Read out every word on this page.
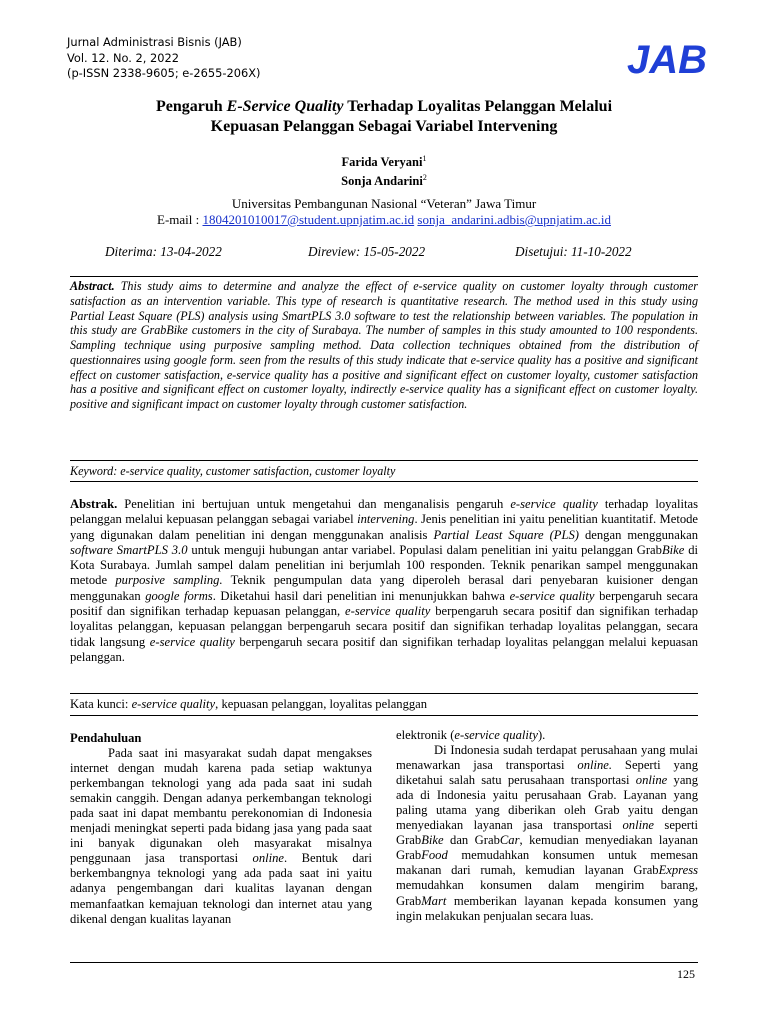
Jurnal Administrasi Bisnis (JAB)
Vol. 12. No. 2, 2022
(p-ISSN 2338-9605; e-2655-206X)	JAB
Pengaruh E-Service Quality Terhadap Loyalitas Pelanggan Melalui
Kepuasan Pelanggan Sebagai Variabel Intervening
Farida Veryani$^1$
Sonja Andarini$^2$
Universitas Pembangunan Nasional “Veteran” Jawa Timur
E-mail : 1804201010017@student.upnjatim.ac.id sonja_andarini.adbis@upnjatim.ac.id
Diterima: 13-04-2022	Direview: 15-05-2022	Disetujui: 11-10-2022
Abstract. This study aims to determine and analyze the effect of e-service quality on customer loyalty through customer satisfaction as an intervention variable. This type of research is quantitative research. The method used in this study using Partial Least Square (PLS) analysis using SmartPLS 3.0 software to test the relationship between variables. The population in this study are GrabBike customers in the city of Surabaya. The number of samples in this study amounted to 100 respondents. Sampling technique using purposive sampling method. Data collection techniques obtained from the distribution of questionnaires using google form. seen from the results of this study indicate that e-service quality has a positive and significant effect on customer satisfaction, e-service quality has a positive and significant effect on customer loyalty, customer satisfaction has a positive and significant effect on customer loyalty, indirectly e-service quality has a significant effect on customer loyalty. positive and significant impact on customer loyalty through customer satisfaction.
Keyword: e-service quality, customer satisfaction, customer loyalty
Abstrak. Penelitian ini bertujuan untuk mengetahui dan menganalisis pengaruh e-service quality terhadap loyalitas pelanggan melalui kepuasan pelanggan sebagai variabel intervening. Jenis penelitian ini yaitu penelitian kuantitatif. Metode yang digunakan dalam penelitian ini dengan menggunakan analisis Partial Least Square (PLS) dengan menggunakan software SmartPLS 3.0 untuk menguji hubungan antar variabel. Populasi dalam penelitian ini yaitu pelanggan GrabBike di Kota Surabaya. Jumlah sampel dalam penelitian ini berjumlah 100 responden. Teknik penarikan sampel menggunakan metode purposive sampling. Teknik pengumpulan data yang diperoleh berasal dari penyebaran kuisioner dengan menggunakan google forms. Diketahui hasil dari penelitian ini menunjukkan bahwa e-service quality berpengaruh secara positif dan signifikan terhadap kepuasan pelanggan, e-service quality berpengaruh secara positif dan signifikan terhadap loyalitas pelanggan, kepuasan pelanggan berpengaruh secara positif dan signifikan terhadap loyalitas pelanggan, secara tidak langsung e-service quality berpengaruh secara positif dan signifikan terhadap loyalitas pelanggan melalui kepuasan pelanggan.
Kata kunci: e-service quality, kepuasan pelanggan, loyalitas pelanggan

Pendahuluan

Pada saat ini masyarakat sudah dapat mengakses internet dengan mudah karena pada setiap waktunya perkembangan teknologi yang ada pada saat ini sudah semakin canggih. Dengan adanya perkembangan teknologi pada saat ini dapat membantu perekonomian di Indonesia menjadi meningkat seperti pada bidang jasa yang pada saat ini banyak digunakan oleh masyarakat misalnya penggunaan jasa transportasi online. Bentuk dari berkembangnya teknologi yang ada pada saat ini yaitu adanya pengembangan dari kualitas layanan dengan memanfaatkan kemajuan teknologi dan internet atau yang dikenal dengan kualitas layanan

elektronik (e-service quality).

Di Indonesia sudah terdapat perusahaan yang mulai menawarkan jasa transportasi online. Seperti yang diketahui salah satu perusahaan transportasi online yang ada di Indonesia yaitu perusahaan Grab. Layanan yang paling utama yang diberikan oleh Grab yaitu dengan menyediakan layanan jasa transportasi online seperti GrabBike dan GrabCar, kemudian menyediakan layanan GrabFood memudahkan konsumen untuk memesan makanan dari rumah, kemudian layanan GrabExpress memudahkan konsumen dalam mengirim barang, GrabMart memberikan layanan kepada konsumen yang ingin melakukan penjualan secara luas.

125
